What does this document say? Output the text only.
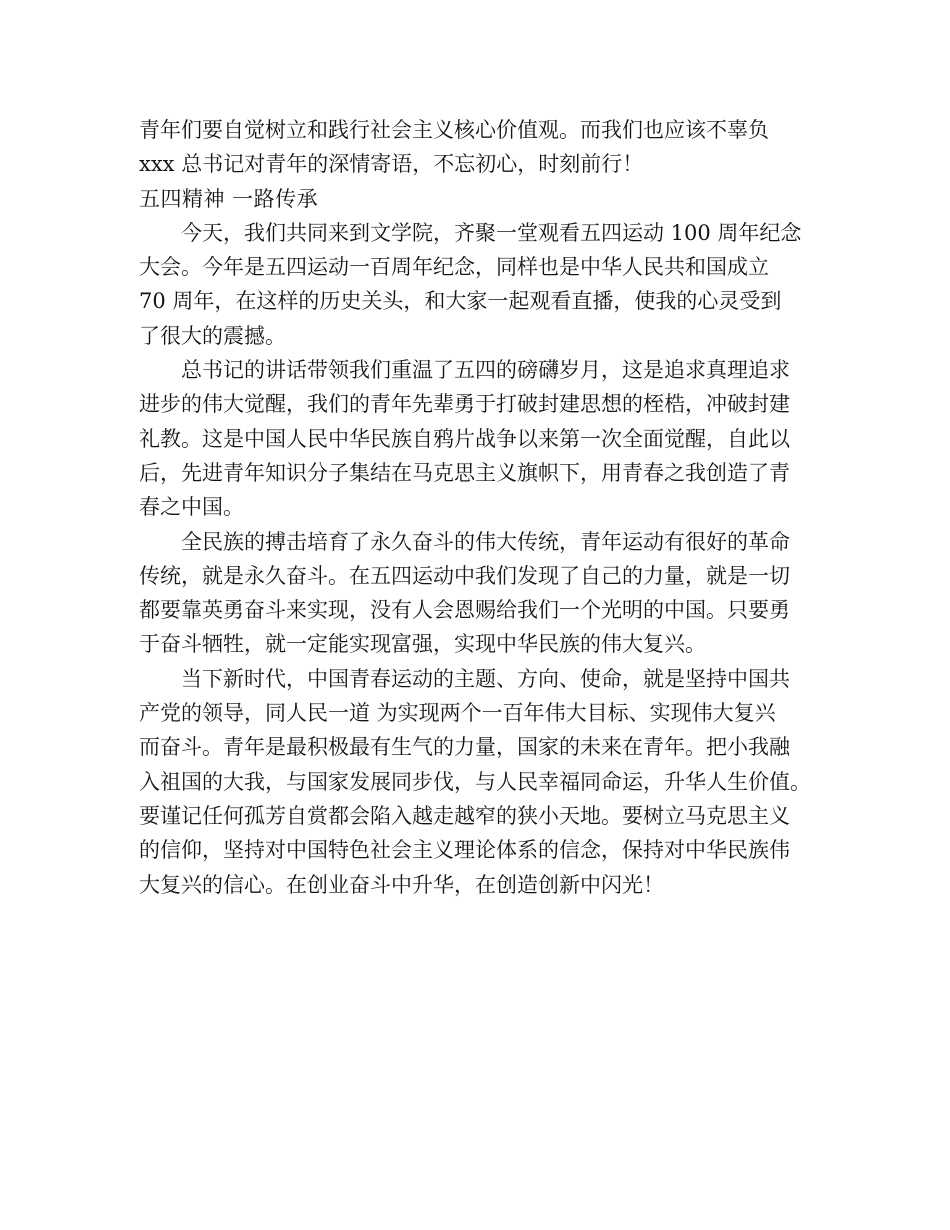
青年们要自觉树立和践行社会主义核心价值观。而我们也应该不辜负
xxx 总书记对青年的深情寄语，不忘初心，时刻前行！
五四精神 一路传承
今天，我们共同来到文学院，齐聚一堂观看五四运动 100 周年纪念
大会。今年是五四运动一百周年纪念，同样也是中华人民共和国成立
70 周年，在这样的历史关头，和大家一起观看直播，使我的心灵受到
了很大的震撼。
总书记的讲话带领我们重温了五四的磅礴岁月，这是追求真理追求
进步的伟大觉醒，我们的青年先辈勇于打破封建思想的桎梏，冲破封建
礼教。这是中国人民中华民族自鸦片战争以来第一次全面觉醒，自此以
后，先进青年知识分子集结在马克思主义旗帜下，用青春之我创造了青
春之中国。
全民族的搏击培育了永久奋斗的伟大传统，青年运动有很好的革命
传统，就是永久奋斗。在五四运动中我们发现了自己的力量，就是一切
都要靠英勇奋斗来实现，没有人会恩赐给我们一个光明的中国。只要勇
于奋斗牺牲，就一定能实现富强，实现中华民族的伟大复兴。
当下新时代，中国青春运动的主题、方向、使命，就是坚持中国共
产党的领导，同人民一道 为实现两个一百年伟大目标、实现伟大复兴
而奋斗。青年是最积极最有生气的力量，国家的未来在青年。把小我融
入祖国的大我，与国家发展同步伐，与人民幸福同命运，升华人生价值。
要谨记任何孤芳自赏都会陷入越走越窄的狭小天地。要树立马克思主义
的信仰，坚持对中国特色社会主义理论体系的信念，保持对中华民族伟
大复兴的信心。在创业奋斗中升华，在创造创新中闪光！
